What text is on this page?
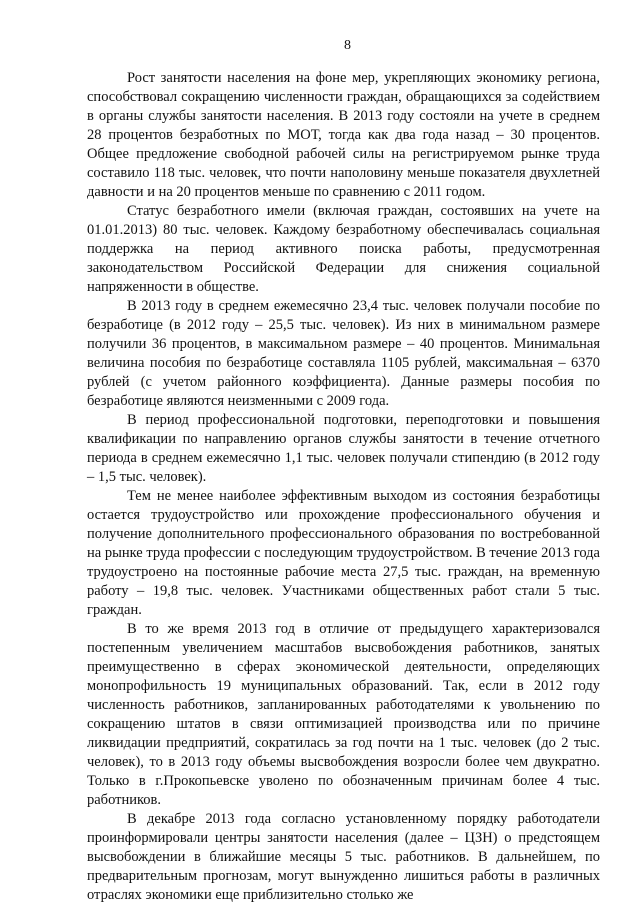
8

Рост занятости населения на фоне мер, укрепляющих экономику региона, способствовал сокращению численности граждан, обращающихся за содействием в органы службы занятости населения. В 2013 году состояли на учете в среднем 28 процентов безработных по МОТ, тогда как два года назад – 30 процентов. Общее предложение свободной рабочей силы на регистрируемом рынке труда составило 118 тыс. человек, что почти наполовину меньше показателя двухлетней давности и на 20 процентов меньше по сравнению с 2011 годом.

Статус безработного имели (включая граждан, состоявших на учете на 01.01.2013) 80 тыс. человек. Каждому безработному обеспечивалась социальная поддержка на период активного поиска работы, предусмотренная законодательством Российской Федерации для снижения социальной напряженности в обществе.

В 2013 году в среднем ежемесячно 23,4 тыс. человек получали пособие по безработице (в 2012 году – 25,5 тыс. человек). Из них в минимальном размере получили 36 процентов, в максимальном размере – 40 процентов. Минимальная величина пособия по безработице составляла 1105 рублей, максимальная – 6370 рублей (с учетом районного коэффициента). Данные размеры пособия по безработице являются неизменными с 2009 года.

В период профессиональной подготовки, переподготовки и повышения квалификации по направлению органов службы занятости в течение отчетного периода в среднем ежемесячно 1,1 тыс. человек получали стипендию (в 2012 году – 1,5 тыс. человек).

Тем не менее наиболее эффективным выходом из состояния безработицы остается трудоустройство или прохождение профессионального обучения и получение дополнительного профессионального образования по востребованной на рынке труда профессии с последующим трудоустройством. В течение 2013 года трудоустроено на постоянные рабочие места 27,5 тыс. граждан, на временную работу – 19,8 тыс. человек. Участниками общественных работ стали 5 тыс. граждан.

В то же время 2013 год в отличие от предыдущего характеризовался постепенным увеличением масштабов высвобождения работников, занятых преимущественно в сферах экономической деятельности, определяющих монопрофильность 19 муниципальных образований. Так, если в 2012 году численность работников, запланированных работодателями к увольнению по сокращению штатов в связи оптимизацией производства или по причине ликвидации предприятий, сократилась за год почти на 1 тыс. человек (до 2 тыс. человек), то в 2013 году объемы высвобождения возросли более чем двукратно. Только в г.Прокопьевске уволено по обозначенным причинам более 4 тыс. работников.

В декабре 2013 года согласно установленному порядку работодатели проинформировали центры занятости населения (далее – ЦЗН) о предстоящем высвобождении в ближайшие месяцы 5 тыс. работников. В дальнейшем, по предварительным прогнозам, могут вынужденно лишиться работы в различных отраслях экономики еще приблизительно столько же
